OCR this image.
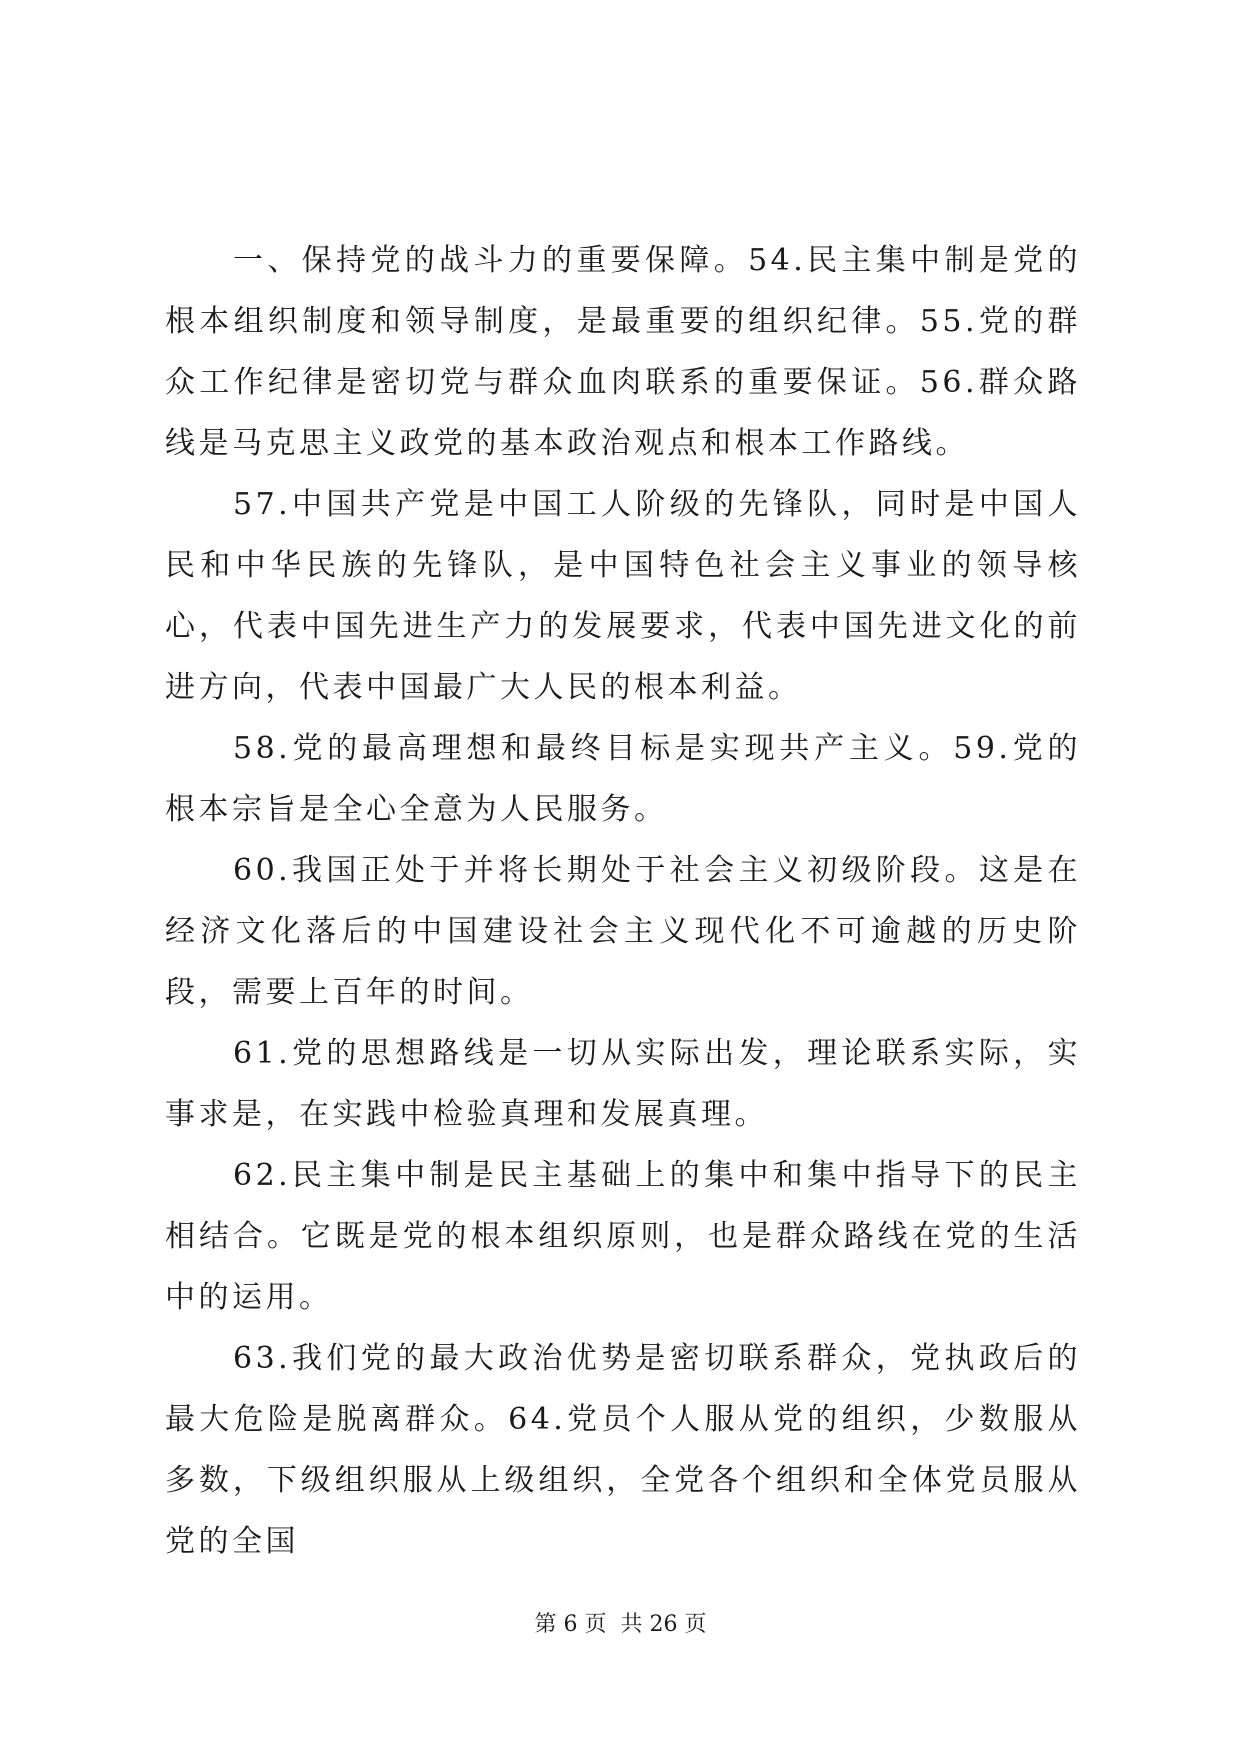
一、保持党的战斗力的重要保障。54.民主集中制是党的根本组织制度和领导制度，是最重要的组织纪律。55.党的群众工作纪律是密切党与群众血肉联系的重要保证。56.群众路线是马克思主义政党的基本政治观点和根本工作路线。

57.中国共产党是中国工人阶级的先锋队，同时是中国人民和中华民族的先锋队，是中国特色社会主义事业的领导核心，代表中国先进生产力的发展要求，代表中国先进文化的前进方向，代表中国最广大人民的根本利益。

58.党的最高理想和最终目标是实现共产主义。59.党的根本宗旨是全心全意为人民服务。

60.我国正处于并将长期处于社会主义初级阶段。这是在经济文化落后的中国建设社会主义现代化不可逾越的历史阶段，需要上百年的时间。

61.党的思想路线是一切从实际出发，理论联系实际，实事求是，在实践中检验真理和发展真理。

62.民主集中制是民主基础上的集中和集中指导下的民主相结合。它既是党的根本组织原则，也是群众路线在党的生活中的运用。

63.我们党的最大政治优势是密切联系群众，党执政后的最大危险是脱离群众。64.党员个人服从党的组织，少数服从多数，下级组织服从上级组织，全党各个组织和全体党员服从党的全国

第 6 页  共 26 页
